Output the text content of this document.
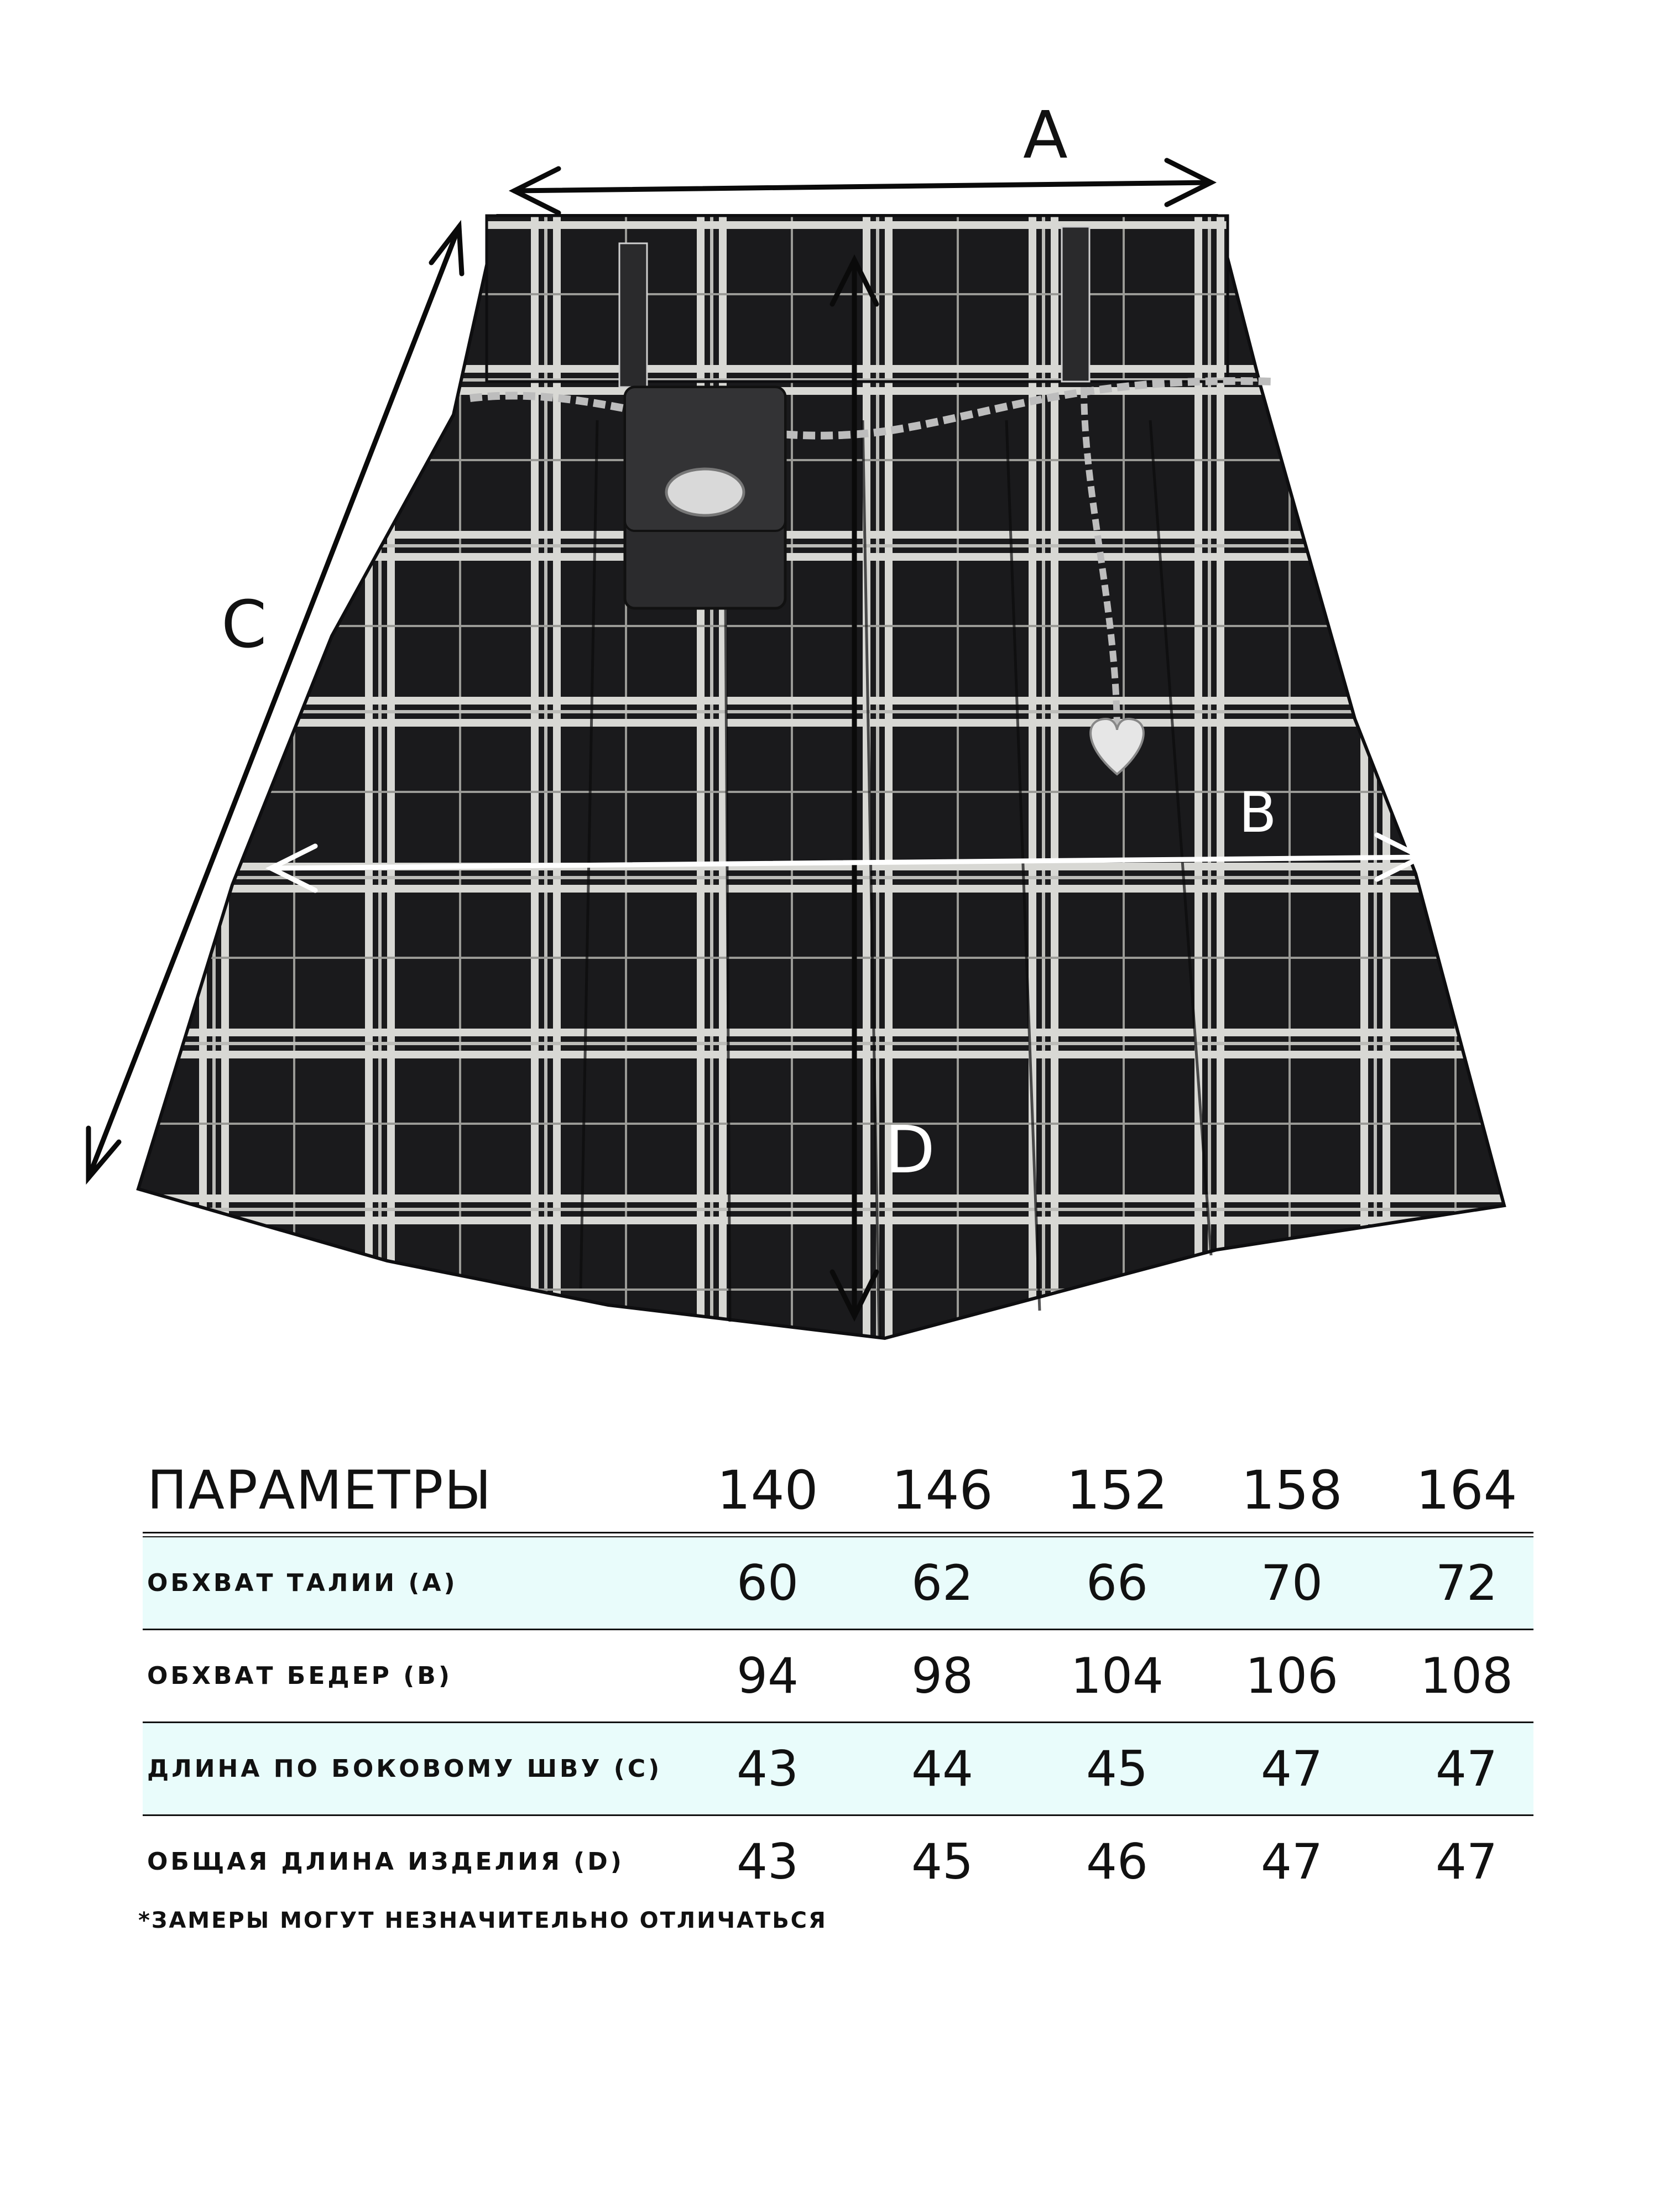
A
B
C
D
ПАРАМЕТРЫ	140	146	152	158	164
ОБХВАТ ТАЛИИ (А)	60	62	66	70	72
ОБХВАТ БЕДЕР (В)	94	98	104	106	108
ДЛИНА ПО БОКОВОМУ ШВУ (С)	43	44	45	47	47
ОБЩАЯ ДЛИНА ИЗДЕЛИЯ (D)	43	45	46	47	47
*ЗАМЕРЫ МОГУТ НЕЗНАЧИТЕЛЬНО ОТЛИЧАТЬСЯ
